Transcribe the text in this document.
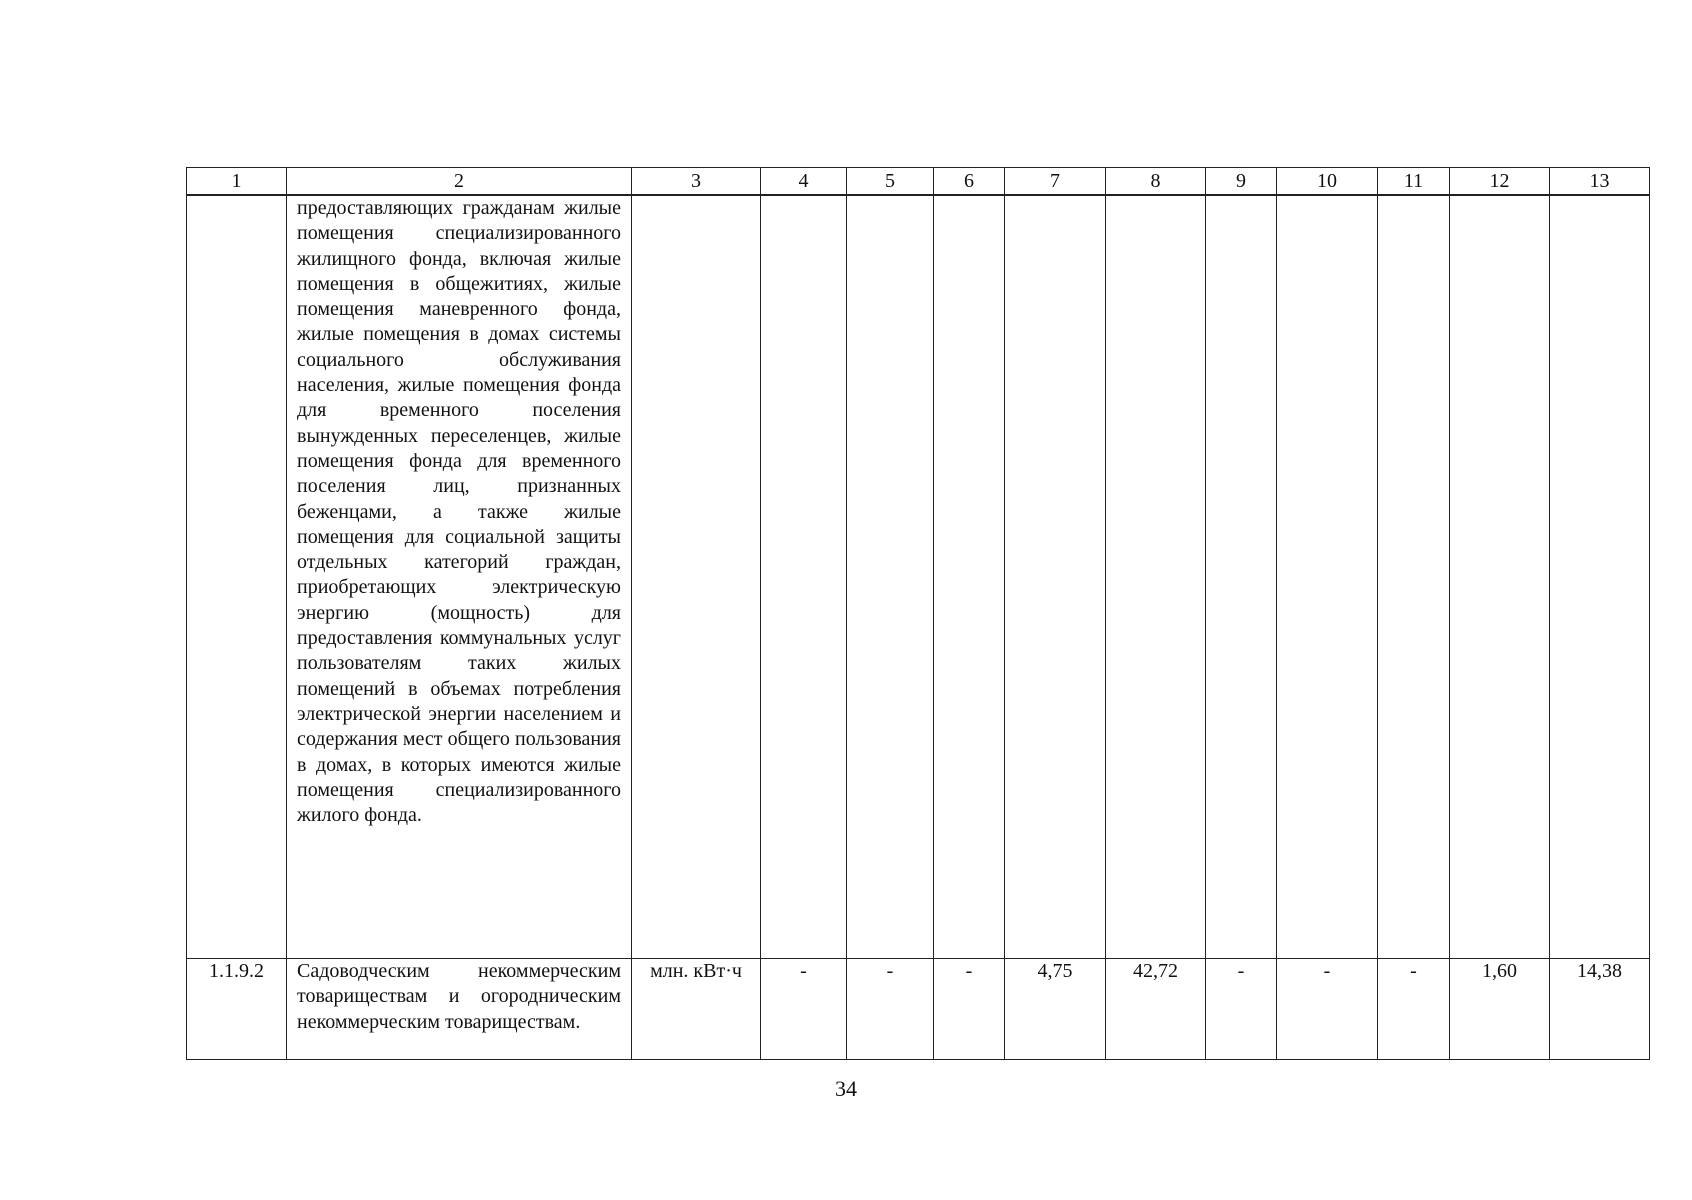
1	2	3	4	5	6	7	8	9	10	11	12	13
	предоставляющих гражданам жилые помещения специализированного жилищного фонда, включая жилые помещения в общежитиях, жилые помещения маневренного фонда, жилые помещения в домах системы социального обслуживания населения, жилые помещения фонда для временного поселения вынужденных переселенцев, жилые помещения фонда для временного поселения лиц, признанных беженцами, а также жилые помещения для социальной защиты отдельных категорий граждан, приобретающих электрическую энергию (мощность) для предоставления коммунальных услуг пользователям таких жилых помещений в объемах потребления электрической энергии населением и содержания мест общего пользования в домах, в которых имеются жилые помещения специализированного жилого фонда.											
1.1.9.2	Садоводческим некоммерческим товариществам и огородническим некоммерческим товариществам.	млн. кВт·ч	-	-	-	4,75	42,72	-	-	-	1,60	14,38
34
